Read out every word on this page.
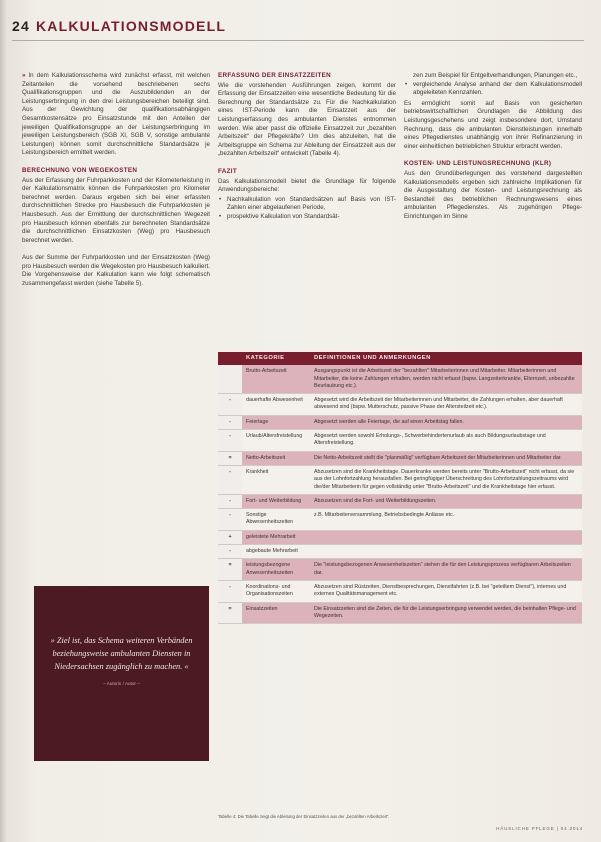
24 KALKULATIONSMODELL

» In dem Kalkulationsschema wird zunächst erfasst, mit welchen Zeitanteilen die vorsehend beschriebenen sechs Qualifikationsgruppen und die Auszubildenden an der Leistungserbringung in den drei Leistungsbereichen beteiligt sind. Aus der Gewichtung der qualifikationsabhängigen Gesamtkostensätze pro Einsatzstunde mit den Anteilen der jeweiligen Qualifikationsgruppe an der Leistungserbringung im jeweiligen Leistungsbereich (SGB XI, SGB V, sonstige ambulante Leistungen) können somit durchschnittliche Standardsätze je Leistungsbereich ermittelt werden.

BERECHNUNG VON WEGEKOSTEN

Aus der Erfassung der Fuhrparkkosten und der Kilometerleistung in der Kalkulationsmatrix können die Fuhrparkkosten pro Kilometer berechnet werden. Daraus ergeben sich bei einer erfassten durchschnittlichen Strecke pro Hausbesuch die Fuhrparkkosten je Hausbesuch. Aus der Ermittlung der durchschnittlichen Wegezeit pro Hausbesuch können ebenfalls zur berechneten Standardsätze die durchschnittlichen Einsatzkosten (Weg) pro Hausbesuch berechnet werden.

Aus der Summe der Fuhrparkkosten und der Einsatzkosten (Weg) pro Hausbesuch werden die Wegekosten pro Hausbesuch kalkuliert. Die Vorgehensweise der Kalkulation kann wie folgt schematisch zusammengefasst werden (siehe Tabelle 5).

ERFASSUNG DER EINSATZZEITEN

Wie die vorstehenden Ausführungen zeigen, kommt der Erfassung der Einsatzzeiten eine wesentliche Bedeutung für die Berechnung der Standardsätze zu. Für die Nachkalkulation eines IST-Periode kann die Einsatzzeit aus der Leistungserfassung des ambulanten Dienstes entnommen werden. Wie aber passt die offizielle Einsatzzeit zur „bezahlten Arbeitszeit“ der Pflegekräfte? Um dies abzuleiten, hat die Arbeitsgruppe ein Schema zur Ableitung der Einsatzzeit aus der „bezahlten Arbeitszeit“ entwickelt (Tabelle 4).

FAZIT

Das Kalkulationsmodell bietet die Grundlage für folgende Anwendungsbereiche:

• Nachkalkulation von Standardsätzen auf Basis von IST-Zahlen einer abgelaufenen Periode,
• prospektive Kalkulation von Standardsät-

zen zum Beispiel für Entgeltverhandlungen, Planungen etc.,

• vergleichende Analyse anhand der dem Kalkulationsmodell abgeleiteten Kennzahlen.

Es ermöglicht somit auf Basis von gesicherten betriebswirtschaftlichen Grundlagen die Abbildung des Leistungsgeschehens und zeigt insbesondere dort, Umstand Rechnung, dass die ambulanten Dienstleistungen innerhalb eines Pflegedienstes unabhängig von ihrer Refinanzierung in einer einheitlichen betrieblichen Struktur erbracht werden.

KOSTEN- UND LEISTUNGSRECHNUNG (KLR)

Aus den Grundüberlegungen des vorstehend dargestellten Kalkulationsmodells ergeben sich zahlreiche Implikationen für die Ausgestaltung der Kosten- und Leistungsrechnung als Bestandteil des betrieblichen Rechnungswesens eines ambulanten Pflegedienstes. Als zugehörigen Pflege-Einrichtungen im Sinne

» Ziel ist, das Schema weiteren Verbänden beziehungsweise ambulanten Diensten in Niedersachsen zugänglich zu machen. «
– Autorin / Autor –
	KATEGORIE	DEFINITIONEN UND ANMERKUNGEN
	Brutto-Arbeitszeit	Ausgangspunkt ist die Arbeitszeit der "bezahlten" Mitarbeiterinnen und Mitarbeiter. Mitarbeiterinnen und Mitarbeiter, die keine Zahlungen erhalten, werden nicht erfasst (bspw. Langzeiterkrankte, Elternzeit, unbezahlte Beurlaubung etc.).
-	dauerhafte Abwesenheit	Abgesetzt wird die Arbeitszeit der Mitarbeiterinnen und Mitarbeiter, die Zahlungen erhalten, aber dauerhaft abwesend sind (bspw. Mutterschutz, passive Phase der Altersteilzeit etc.).
-	Feiertage	Abgesetzt werden alle Feiertage, die auf einen Arbeitstag fallen.
-	Urlaub/Altersfreistellung	Abgesetzt werden sowohl Erholungs-, Schwerbehindertenurlaub als auch Bildungsurlaubstage und Altersfreistellung.
=	Netto-Arbeitszeit	Die Netto-Arbeitszeit stellt die "planmäßig" verfügbare Arbeitszeit der Mitarbeiterinnen und Mitarbeiter dar.
-	Krankheit	Abzusetzen sind die Krankheitstage. Dauerkranke werden bereits unter "Brutto-Arbeitszeit" nicht erfasst, da sie aus der Lohnfortzahlung herausfallen. Bei geringfügiger Überschreitung des Lohnfortzahlungszeitraums wird die/der Mitarbeiterin für gegen vollständig unter "Brutto-Arbeitszeit" und die Krankheitstage hier erfasst.
-	Fort- und Weiterbildung	Abzusetzen sind die Fort- und Weiterbildungszeiten.
-	Sonstige Abwesenheitszeiten	z.B. Mitarbeiterversammlung, Betriebsbedingte Anlässe etc.
+	geleistete Mehrarbeit	
-	abgebaute Mehrarbeit	
=	leistungsbezogene Anwesenheitszeiten	Die "leistungsbezogenen Anwesenheitszeiten" stehen die für den Leistungsprozess verfügbaren Arbeitszeiten dar.
-	Koordinations- und Organisationszeiten	Abzusetzen sind Rüstzeiten, Dienstbesprechungen, Dienstfahrten (z.B. bei "geteiltem Dienst"), internes und externes Qualitätsmanagement etc.
=	Einsatzzeiten	Die Einsatzzeiten sind die Zeiten, die für die Leistungserbringung verwendet werden, die beinhalten Pflege- und Wegezeiten.
Tabelle 4: Die Tabelle zeigt die Ableitung der Einsatzzeiten aus der „bezahlten Arbeitszeit“.
HÄUSLICHE PFLEGE | 04.2014
